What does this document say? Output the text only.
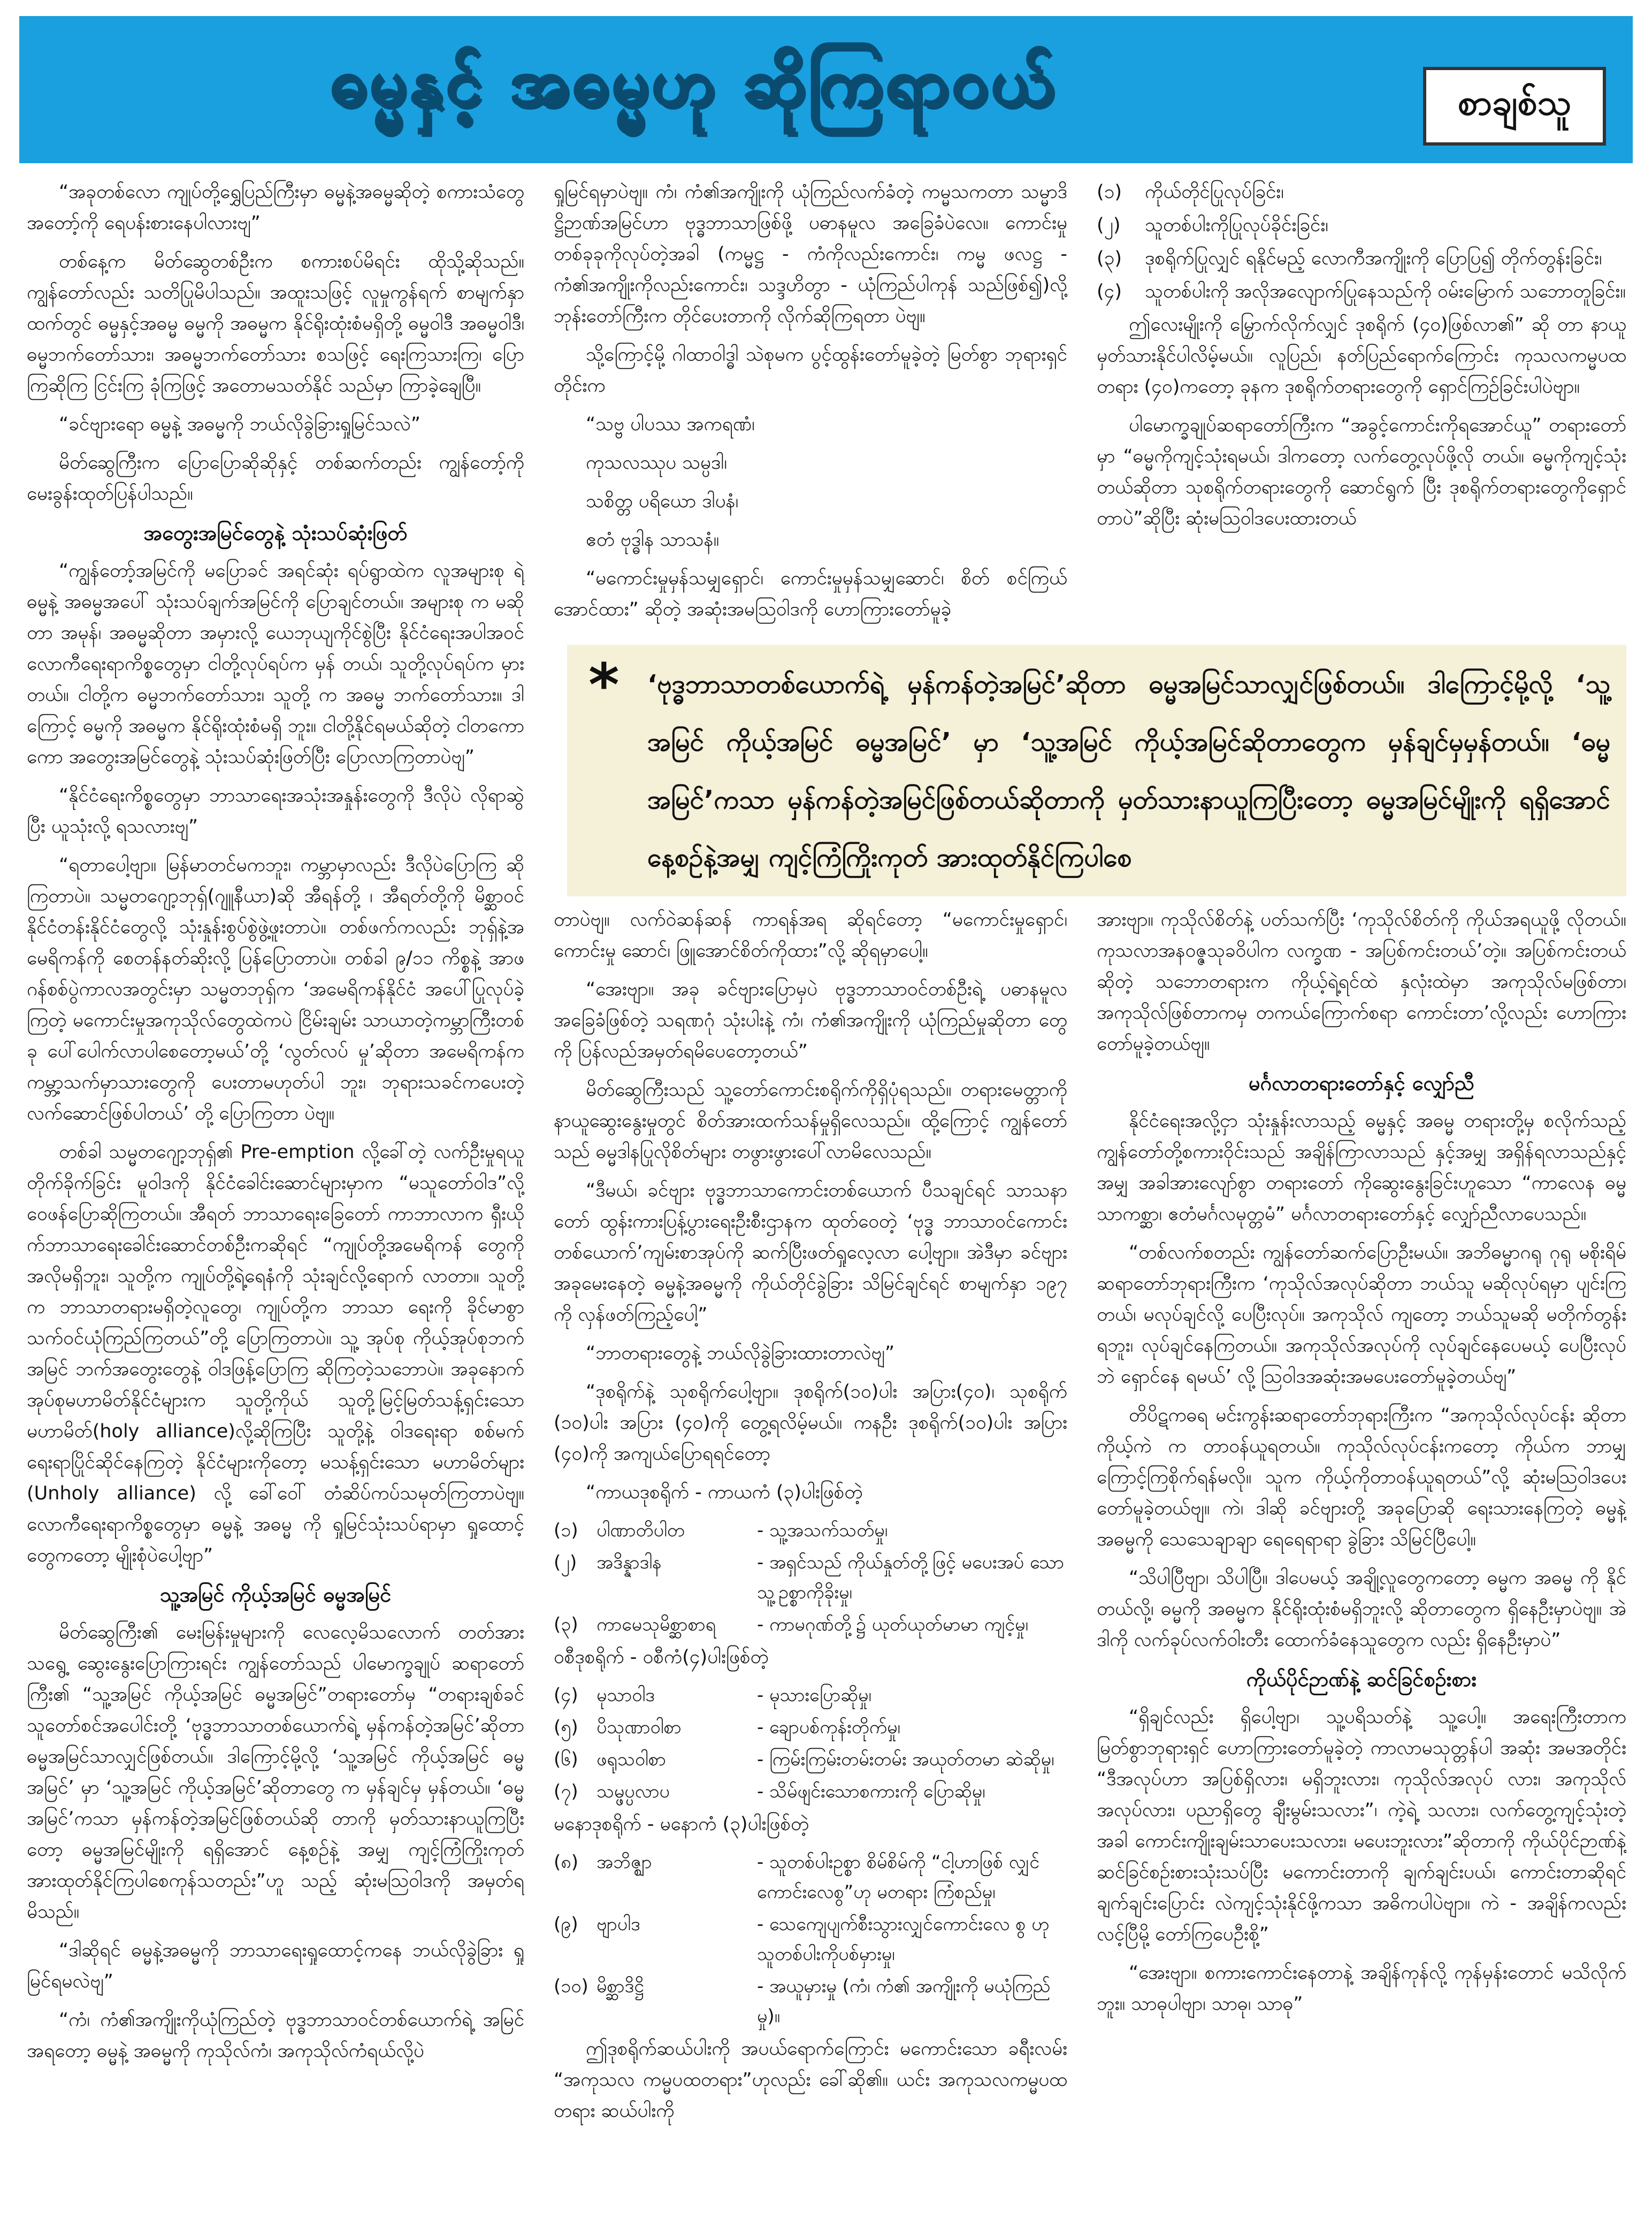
ဓမ္မနှင့် အဓမ္မဟု ဆိုကြရာဝယ်	စာချစ်သူ

“အခုတစ်လော ကျုပ်တို့ရွှေပြည်ကြီးမှာ ဓမ္မနဲ့အဓမ္မဆိုတဲ့ စကားသံတွေ အတော့်ကို ရေပန်းစားနေပါလားဗျ”

တစ်နေ့က မိတ်ဆွေတစ်ဦးက စကားစပ်မိရင်း ထိုသို့ဆိုသည်။ ကျွန်တော်လည်း သတိပြုမိပါသည်။ အထူးသဖြင့် လူမှုကွန်ရက် စာမျက်နှာထက်တွင် ဓမ္မနှင့်အဓမ္မ ဓမ္မကို အဓမ္မက နိုင်ရိုးထုံးစံမရှိတို့ ဓမ္မဝါဒီ အဓမ္မဝါဒီ၊ ဓမ္မဘက်တော်သား၊ အဓမ္မဘက်တော်သား စသဖြင့် ရေးကြသားကြ၊ ပြောကြဆိုကြ ငြင်းကြ ခုံကြဖြင့် အတောမသတ်နိုင် သည်မှာ ကြာခဲ့ချေပြီ။

“ခင်ဗျားရော ဓမ္မနဲ့ အဓမ္မကို ဘယ်လိုခွဲခြားရှုမြင်သလဲ”

မိတ်ဆွေကြီးက ပြောပြောဆိုဆိုနှင့် တစ်ဆက်တည်း ကျွန်တော့်ကို မေးခွန်းထုတ်ပြန်ပါသည်။

အတွေးအမြင်တွေနဲ့ သုံးသပ်ဆုံးဖြတ်

“ကျွန်တော့်အမြင်ကို မပြောခင် အရင်ဆုံး ရပ်ရွာထဲက လူအများစု ရဲ့ ဓမ္မနဲ့ အဓမ္မအပေါ် သုံးသပ်ချက်အမြင်ကို ပြောချင်တယ်။ အများစု က မဆိုတာ အမုန်၊ အဓမ္မဆိုတာ အမှားလို့ ယေဘုယျကိုင်စွဲပြီး နိုင်ငံရေးအပါအဝင် လောကီရေးရာကိစ္စတွေမှာ ငါတို့လုပ်ရပ်က မှန် တယ်၊ သူတို့လုပ်ရပ်က မှားတယ်။ ငါတို့က ဓမ္မဘက်တော်သား၊ သူတို့ က အဓမ္မ ဘက်တော်သား။ ဒါကြောင့် ဓမ္မကို အဓမ္မက နိုင်ရိုးထုံးစံမရှိ ဘူး။ ငါတို့နိုင်ရမယ်ဆိုတဲ့ ငါတကော ကော အတွေးအမြင်တွေနဲ့ သုံးသပ်ဆုံးဖြတ်ပြီး ပြောလာကြတာပဲဗျ”

“နိုင်ငံရေးကိစ္စတွေမှာ ဘာသာရေးအသုံးအနှုန်းတွေကို ဒီလိုပဲ လိုရာဆွဲပြီး ယူသုံးလို့ ရသလားဗျ”

“ရတာပေါ့ဗျာ။ မြန်မာတင်မကဘူး၊ ကမ္ဘာမှာလည်း ဒီလိုပဲပြောကြ ဆိုကြတာပဲ။ သမ္မတဂျော့ဘုရှ်(ဂျူနီယာ)ဆို အီရန်တို့ ၊ အီရတ်တို့ကို မိစ္ဆာဝင်နိုင်ငံတန်းနိုင်ငံတွေလို့ သုံးနှုန်းစွပ်စွဲဖွဲ့ဖူးတာပဲ။ တစ်ဖက်ကလည်း ဘုရှ်နဲ့အမေရိကန်ကို စေတန်နတ်ဆိုးလို့ ပြန်ပြောတာပဲ။ တစ်ခါ ၉/၁၁ ကိစ္စနဲ့ အာဖဂန်စစ်ပွဲကာလအတွင်းမှာ သမ္မတဘုရှ်က ‘အမေရိကန်နိုင်ငံ အပေါ်ပြုလုပ်ခဲ့ကြတဲ့ မကောင်းမှုအကုသိုလ်တွေထဲကပဲ ငြိမ်းချမ်း သာယာတဲ့ကမ္ဘာကြီးတစ်ခု ပေါ်ပေါက်လာပါစေတော့မယ်’တို့ ‘လွတ်လပ် မှု’ဆိုတာ အမေရိကန်က ကမ္ဘာ့သက်မှာသားတွေကို ပေးတာမဟုတ်ပါ ဘူး၊ ဘုရားသခင်ကပေးတဲ့ လက်ဆောင်ဖြစ်ပါတယ်’ တို့ ပြောကြတာ ပဲဗျ။

တစ်ခါ သမ္မတဂျော့ဘုရှ်၏ Pre-emption လို့ခေါ်တဲ့ လက်ဦးမှုရယူ တိုက်ခိုက်ခြင်း မူဝါဒကို နိုင်ငံခေါင်းဆောင်များမှာက “မသူတော်ဝါဒ”လို့ ဝေဖန်ပြောဆိုကြတယ်။ အီရတ် ဘာသာရေးခြေတော် ကာဘာလာက ရှီးယိုက်ဘာသာရေးခေါင်းဆောင်တစ်ဦးကဆိုရင် “ကျုပ်တို့အမေရိကန် တွေကို အလိုမရှိဘူး၊ သူတို့က ကျုပ်တို့ရဲ့ရေနံကို သုံးချင်လို့ရောက် လာတာ။ သူတို့က ဘာသာတရားမရှိတဲ့လူတွေ၊ ကျုပ်တို့က ဘာသာ ရေးကို ခိုင်မာစွာ သက်ဝင်ယုံကြည်ကြတယ်”တို့ ပြောကြတာပဲ။ သူ့ အုပ်စု ကိုယ့်အုပ်စုဘက်အမြင် ဘက်အတွေးတွေနဲ့ ဝါဒဖြန့်ပြောကြ ဆိုကြတဲ့သဘောပဲ။ အခုနောက်အုပ်စုမဟာမိတ်နိုင်ငံများက သူတို့ကိုယ် သူတို့မြင့်မြတ်သန့်ရှင်းသော မဟာမိတ်(holy alliance)လို့ဆိုကြပြီး သူတို့နဲ့ ဝါဒရေးရာ စစ်မက်ရေးရာပြိုင်ဆိုင်နေကြတဲ့ နိုင်ငံများကိုတော့ မသန့်ရှင်းသော မဟာမိတ်များ (Unholy alliance) လို့ ခေါ်ဝေါ် တံဆိပ်ကပ်သမုတ်ကြတာပဲဗျ။ လောကီရေးရာကိစ္စတွေမှာ ဓမ္မနဲ့ အဓမ္မ ကို ရှုမြင်သုံးသပ်ရာမှာ ရှုထောင့်တွေကတော့ မျိုးစုံပဲပေါ့ဗျာ”

သူ့အမြင် ကိုယ့်အမြင် ဓမ္မအမြင်

မိတ်ဆွေကြီး၏ မေးမြန်းမှုများကို လေလေ့မိသလောက် တတ်အား သရွေ့ ဆွေးနွေးပြောကြားရင်း ကျွန်တော်သည် ပါမောက္ခချုပ် ဆရာတော်ကြီး၏ “သူ့အမြင် ကိုယ့်အမြင် ဓမ္မအမြင်”တရားတော်မှ “တရားချစ်ခင်သူတော်စင်အပေါင်းတို့ ‘ဗုဒ္ဓဘာသာတစ်ယောက်ရဲ့ မှန်ကန်တဲ့အမြင်’ဆိုတာ ဓမ္မအမြင်သာလျှင်ဖြစ်တယ်။ ဒါကြောင့်မို့လို့ ‘သူ့အမြင် ကိုယ့်အမြင် ဓမ္မအမြင်’ မှာ ‘သူ့အမြင် ကိုယ့်အမြင်’ဆိုတာတွေ က မှန်ချင်မှ မှန်တယ်။ ‘ဓမ္မအမြင်’ကသာ မှန်ကန်တဲ့အမြင်ဖြစ်တယ်ဆို တာကို မှတ်သားနာယူကြပြီးတော့ ဓမ္မအမြင်မျိုးကို ရရှိအောင် နေ့စဉ်နဲ့ အမျှ ကျင့်ကြံကြိုးကုတ် အားထုတ်နိုင်ကြပါစေကုန်သတည်း”ဟူ သည့် ဆုံးမဩဝါဒကို အမှတ်ရမိသည်။

“ဒါဆိုရင် ဓမ္မနဲ့အဓမ္မကို ဘာသာရေးရှုထောင့်ကနေ ဘယ်လိုခွဲခြား ရှုမြင်ရမလဲဗျ”

“ကံ၊ ကံ၏အကျိုးကိုယုံကြည်တဲ့ ဗုဒ္ဓဘာသာဝင်တစ်ယောက်ရဲ့ အမြင်အရတော့ ဓမ္မနဲ့ အဓမ္မကို ကုသိုလ်ကံ၊ အကုသိုလ်ကံရယ်လို့ပဲ

ရှုမြင်ရမှာပဲဗျ။ ကံ၊ ကံ၏အကျိုးကို ယုံကြည်လက်ခံတဲ့ ကမ္မသကတာ သမ္မာဒိဋ္ဌိဉာဏ်အမြင်ဟာ ဗုဒ္ဓဘာသာဖြစ်ဖို့ ပဓာနမူလ အခြေခံပဲလေ။ ကောင်းမှုတစ်ခုခုကိုလုပ်တဲ့အခါ (ကမ္မဋ္ဌ - ကံကိုလည်းကောင်း၊ ကမ္မ ဖလဋ္ဌ - ကံ၏အကျိုးကိုလည်းကောင်း၊ သဒ္ဒဟိတွာ - ယုံကြည်ပါကုန် သည်ဖြစ်၍)လို့ ဘုန်းတော်ကြီးက တိုင်ပေးတာကို လိုက်ဆိုကြရတာ ပဲဗျ။

သို့ကြောင့်မို့ ဂါထာဝါဒ္ဓါ သဲစုမက ပွင့်ထွန်းတော်မူခဲ့တဲ့ မြတ်စွာ ဘုရားရှင်တိုင်းက

“သဗ္ဗ ပါပဿ အကရဏံ၊

ကုသလဿုပ သမ္ပဒါ၊

သစိတ္တ ပရိယော ဒါပနံ၊

ဧတံ ဗုဒ္ဓါန သာသနံ။

“မကောင်းမှုမှန်သမျှရှောင်၊ ကောင်းမှုမှန်သမျှဆောင်၊ စိတ် စင်ကြယ်အောင်ထား” ဆိုတဲ့ အဆုံးအမဩဝါဒကို ဟောကြားတော်မူခဲ့

(၁)	ကိုယ်တိုင်ပြုလုပ်ခြင်း၊
(၂)	သူတစ်ပါးကိုပြုလုပ်ခိုင်းခြင်း၊
(၃)	ဒုစရိုက်ပြုလျှင် ရနိုင်မည့် လောကီအကျိုးကို ပြောပြ၍ တိုက်တွန်းခြင်း၊
(၄)	သူတစ်ပါးကို အလိုအလျောက်ပြုနေသည်ကို ဝမ်းမြောက် သဘောတူခြင်း။

ဤလေးမျိုးကို မြှောက်လိုက်လျှင် ဒုစရိုက် (၄၀)ဖြစ်လာ၏” ဆို တာ နာယူ မှတ်သားနိုင်ပါလိမ့်မယ်။ လူပြည်၊ နတ်ပြည်ရောက်ကြောင်း ကုသလကမ္မပထ တရား (၄၀)ကတော့ ခုနက ဒုစရိုက်တရားတွေကို ရှောင်ကြဉ်ခြင်းပါပဲဗျာ။

ပါမောက္ခချုပ်ဆရာတော်ကြီးက “အခွင့်ကောင်းကိုရအောင်ယူ” တရားတော်မှာ “ဓမ္မကိုကျင့်သုံးရမယ်၊ ဒါကတော့ လက်တွေ့လုပ်ဖို့လို တယ်။ ဓမ္မကိုကျင့်သုံးတယ်ဆိုတာ သုစရိုက်တရားတွေကို ဆောင်ရွက် ပြီး ဒုစရိုက်တရားတွေကိုရှောင်တာပဲ”ဆိုပြီး ဆုံးမဩဝါဒပေးထားတယ်

* ‘ဗုဒ္ဓဘာသာတစ်ယောက်ရဲ့ မှန်ကန်တဲ့အမြင်’ဆိုတာ ဓမ္မအမြင်သာလျှင်ဖြစ်တယ်။ ဒါကြောင့်မို့လို့ ‘သူ့အမြင် ကိုယ့်အမြင် ဓမ္မအမြင်’ မှာ ‘သူ့အမြင် ကိုယ့်အမြင်ဆိုတာတွေက မှန်ချင်မှမှန်တယ်။ ‘ဓမ္မအမြင်’ကသာ မှန်ကန်တဲ့အမြင်ဖြစ်တယ်ဆိုတာကို မှတ်သားနာယူကြပြီးတော့ ဓမ္မအမြင်မျိုးကို ရရှိအောင် နေ့စဉ်နဲ့အမျှ ကျင့်ကြံကြိုးကုတ် အားထုတ်နိုင်ကြပါစေ

တာပဲဗျ။ လက်ဝဲဆန်ဆန် ကာရန်အရ ဆိုရင်တော့ “မကောင်းမှုရှောင်၊ ကောင်းမှု ဆောင်၊ ဖြူအောင်စိတ်ကိုထား”လို့ ဆိုရမှာပေါ့။

“အေးဗျာ။ အခု ခင်ဗျားပြောမှပဲ ဗုဒ္ဓဘာသာဝင်တစ်ဦးရဲ့ ပဓာနမူလ အခြေခံဖြစ်တဲ့ သရဏဂုံ သုံးပါးနဲ့ ကံ၊ ကံ၏အကျိုးကို ယုံကြည်မှုဆိုတာ တွေကို ပြန်လည်အမှတ်ရမိပေတော့တယ်”

မိတ်ဆွေကြီးသည် သူ့တော်ကောင်းစရိုက်ကိုရှိပုံရသည်။ တရားမေတ္တာကို နာယူဆွေးနွေးမှုတွင် စိတ်အားထက်သန်မှုရှိလေသည်။ ထို့ကြောင့် ကျွန်တော်သည် ဓမ္မဒါနပြုလိုစိတ်များ တဖွားဖွားပေါ်လာမိလေသည်။

“ဒီမယ်၊ ခင်ဗျား ဗုဒ္ဓဘာသာကောင်းတစ်ယောက် ပီသချင်ရင် သာသနာတော် ထွန်းကားပြန့်ပွားရေးဦးစီးဌာနက ထုတ်ဝေတဲ့ ‘ဗုဒ္ဓ ဘာသာဝင်ကောင်းတစ်ယောက်’ကျမ်းစာအုပ်ကို ဆက်ပြီးဖတ်ရှုလေ့လာ ပေါ့ဗျာ။ အဲဒီမှာ ခင်ဗျား အခုမေးနေတဲ့ ဓမ္မနဲ့အဓမ္မကို ကိုယ်တိုင်ခွဲခြား သိမြင်ချင်ရင် စာမျက်နှာ ၁၉၇ ကို လှန်ဖတ်ကြည့်ပေါ့”

“ဘာတရားတွေနဲ့ ဘယ်လိုခွဲခြားထားတာလဲဗျ”

“ဒုစရိုက်နဲ့ သုစရိုက်ပေါ့ဗျာ။ ဒုစရိုက်(၁၀)ပါး အပြား(၄၀)၊ သုစရိုက် (၁၀)ပါး အပြား (၄၀)ကို တွေ့ရလိမ့်မယ်။ ကနဦး ဒုစရိုက်(၁၀)ပါး အပြား (၄၀)ကို အကျယ်ပြောရရင်တော့

“ကာယဒုစရိုက် - ကာယကံ (၃)ပါးဖြစ်တဲ့

(၁)	ပါဏာတိပါတ	- သူ့အသက်သတ်မှု၊
(၂)	အဒိန္နာဒါန	- အရှင်သည် ကိုယ်နှုတ်တို့ဖြင့် မပေးအပ် သော သူ့ဥစ္စာကိုခိုးမှု၊
(၃)	ကာမေသုမိစ္ဆာစာရ	- ကာမဂုဏ်တို့၌ ယုတ်ယုတ်မာမာ ကျင့်မှု၊

ဝစီဒုစရိုက် - ဝစီကံ(၄)ပါးဖြစ်တဲ့

(၄)	မုသာဝါဒ	- မုသားပြောဆိုမှု၊
(၅)	ပိသုဏာဝါစာ	- ချောပစ်ကုန်းတိုက်မှု၊
(၆)	ဖရုသဝါစာ	- ကြမ်းကြမ်းတမ်းတမ်း အယုတ်တမာ ဆဲဆိုမှု၊
(၇)	သမ္ဖပ္ပလာပ	- သိမ်ဖျင်းသောစကားကို ပြောဆိုမှု၊

မနောဒုစရိုက် - မနောကံ (၃)ပါးဖြစ်တဲ့

(၈)	အဘိဇ္ဈာ	- သူတစ်ပါးဥစ္စာ စိမ်စိမ်ကို “ငါ့ဟာဖြစ် လျှင် ကောင်းလေစွ”ဟု မတရား ကြံစည်မှု၊
(၉)	ဗျာပါဒ	- သေကျေပျက်စီးသွားလျှင်ကောင်းလေ စွ ဟု သူတစ်ပါးကိုပစ်မှားမှု၊
(၁၀) မိစ္ဆာဒိဋ္ဌိ	- အယူမှားမှု (ကံ၊ ကံ၏ အကျိုးကို မယုံကြည်မှု)။

ဤဒုစရိုက်ဆယ်ပါးကို အပယ်ရောက်ကြောင်း မကောင်းသော ခရီးလမ်း “အကုသလ ကမ္မပထတရား”ဟုလည်း ခေါ်ဆို၏။ ယင်း အကုသလကမ္မပထတရား ဆယ်ပါးကို

အားဗျာ။ ကုသိုလ်စိတ်နဲ့ ပတ်သက်ပြီး ‘ကုသိုလ်စိတ်ကို ကိုယ်အရယူဖို့ လိုတယ်။ ကုသလာအနဝဇ္ဇသုခဝိပါက လက္ခဏ - အပြစ်ကင်းတယ်’တဲ့။ အပြစ်ကင်းတယ်ဆိုတဲ့ သဘောတရားက ကိုယ့်ရဲ့ရင်ထဲ နှလုံးထဲမှာ အကုသိုလ်မဖြစ်တာ၊ အကုသိုလ်ဖြစ်တာကမှ တကယ်ကြောက်စရာ ကောင်းတာ’လို့လည်း ဟောကြားတော်မူခဲ့တယ်ဗျ။

မင်္ဂလာတရားတော်နှင့် လျှော်ညီ

နိုင်ငံရေးအလို့ငှာ သုံးနှုန်းလာသည့် ဓမ္မနှင့် အဓမ္မ တရားတို့မှ စလိုက်သည့် ကျွန်တော်တို့စကားဝိုင်းသည် အချိန်ကြာလာသည် နှင့်အမျှ အရှိန်ရလာသည်နှင့်အမျှ အခါအားလျော်စွာ တရားတော် ကိုဆွေးနွေးခြင်းဟူသော “ကာလေန ဓမ္မသာကစ္ဆာ၊ ဧတံမင်္ဂလမုတ္တမံ” မင်္ဂလာတရားတော်နှင့် လျှော်ညီလာပေသည်။

“တစ်လက်စတည်း ကျွန်တော်ဆက်ပြောဦးမယ်။ အဘိဓမ္မာဂရု ဂုရု မစိုးရိမ်ဆရာတော်ဘုရားကြီးက ‘ကုသိုလ်အလုပ်ဆိုတာ ဘယ်သူ မဆိုလုပ်ရမှာ ပျင်းကြတယ်၊ မလုပ်ချင်လို့ ပေပြီးလုပ်။ အကုသိုလ် ကျတော့ ဘယ်သူမဆို မတိုက်တွန်းရဘူး၊ လုပ်ချင်နေကြတယ်။ အကုသိုလ်အလုပ်ကို လုပ်ချင်နေပေမယ့် ပေပြီးလုပ်ဘဲ ရှောင်နေ ရမယ်’ လို့ ဩဝါဒအဆုံးအမပေးတော်မူခဲ့တယ်ဗျ”

တိပိဋကဓရ မင်းကွန်းဆရာတော်ဘုရားကြီးက “အကုသိုလ်လုပ်ငန်း ဆိုတာ ကိုယ့်ကဲ က တာဝန်ယူရတယ်။ ကုသိုလ်လုပ်ငန်းကတော့ ကိုယ်က ဘာမျှ ကြောင့်ကြစိုက်ရန်မလို။ သူက ကိုယ့်ကိုတာဝန်ယူရတယ်”လို့ ဆုံးမဩဝါဒပေးတော်မူခဲ့တယ်ဗျ။ ကဲ၊ ဒါဆို ခင်ဗျားတို့ အခုပြောဆို ရေးသားနေကြတဲ့ ဓမ္မနဲ့ အဓမ္မကို သေသေချာချာ ရေရေရာရာ ခွဲခြား သိမြင်ပြီပေါ့။

“သိပါပြီဗျာ၊ သိပါပြီ။ ဒါပေမယ့် အချို့လူတွေကတော့ ဓမ္မက အဓမ္မ ကို နိုင်တယ်လို့၊ ဓမ္မကို အဓမ္မက နိုင်ရိုးထုံးစံမရှိဘူးလို့ ဆိုတာတွေက ရှိနေဦးမှာပဲဗျ။ အဲဒါကို လက်ခုပ်လက်ဝါးတီး ထောက်ခံနေသူတွေက လည်း ရှိနေဦးမှာပဲ”

ကိုယ်ပိုင်ဉာဏ်နဲ့ ဆင်ခြင်စဉ်းစား

“ရှိချင်လည်း ရှိပေါ့ဗျာ၊ သူ့ပရိသတ်နဲ့ သူ့ပေါ့။ အရေးကြီးတာက မြတ်စွာဘုရားရှင် ဟောကြားတော်မူခဲ့တဲ့ ကာလာမသုတ္တန်ပါ အဆုံး အမအတိုင်း “ဒီအလုပ်ဟာ အပြစ်ရှိလား၊ မရှိဘူးလား၊ ကုသိုလ်အလုပ် လား၊ အကုသိုလ်အလုပ်လား၊ ပညာရှိတွေ ချီးမွမ်းသလား”၊ ကဲ့ရဲ့ သလား၊ လက်တွေ့ကျင့်သုံးတဲ့အခါ ကောင်းကျိုးချမ်းသာပေးသလား၊ မပေးဘူးလား”ဆိုတာကို ကိုယ်ပိုင်ဉာဏ်နဲ့ ဆင်ခြင်စဉ်းစားသုံးသပ်ပြီး မကောင်းတာကို ချက်ချင်းပယ်၊ ကောင်းတာဆိုရင် ချက်ချင်းပြောင်း လဲကျင့်သုံးနိုင်ဖို့ကသာ အဓိကပါပဲဗျာ။ ကဲ - အချိန်ကလည်းလင့်ပြီမို့ တော်ကြပေဦးစို့”

“အေးဗျာ။ စကားကောင်းနေတာနဲ့ အချိန်ကုန်လို့ ကုန်မှန်းတောင် မသိလိုက်ဘူး။ သာဓုပါဗျာ၊ သာဓု၊ သာဓု”
